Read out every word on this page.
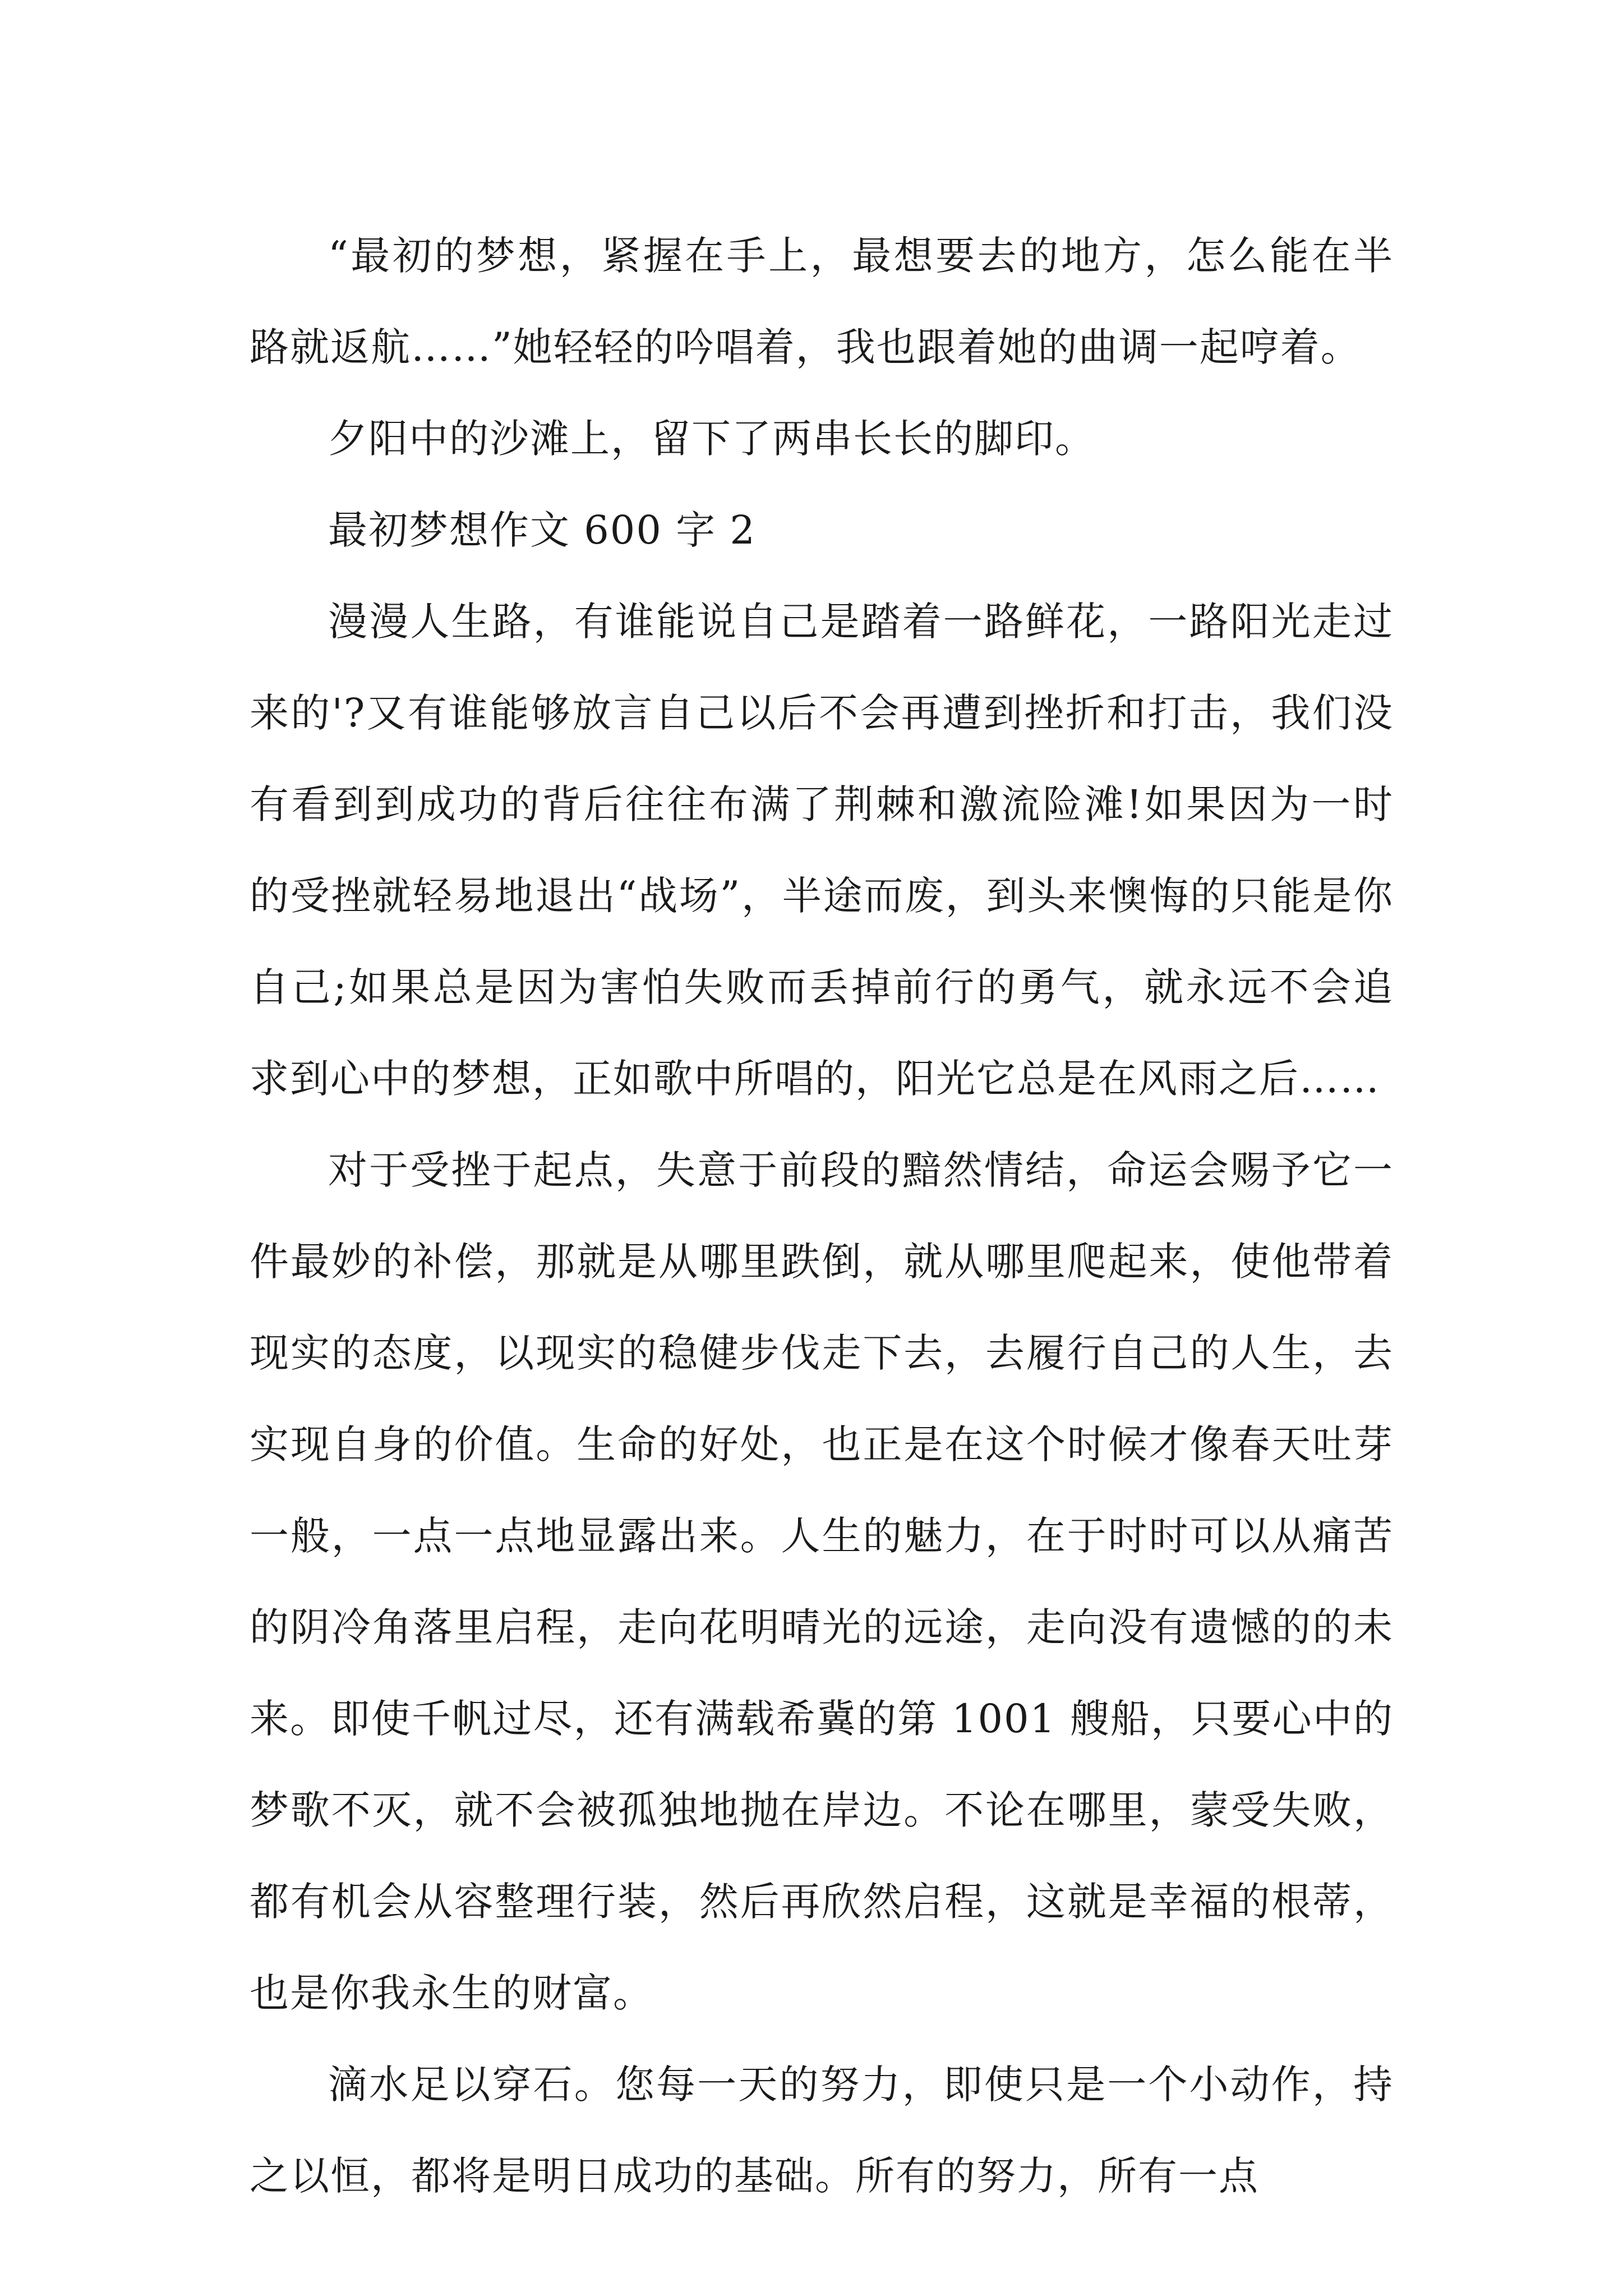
“最初的梦想，紧握在手上，最想要去的地方，怎么能在半路就返航……”她轻轻的吟唱着，我也跟着她的曲调一起哼着。

夕阳中的沙滩上，留下了两串长长的脚印。

最初梦想作文 600 字 2

漫漫人生路，有谁能说自己是踏着一路鲜花，一路阳光走过来的'?又有谁能够放言自己以后不会再遭到挫折和打击，我们没有看到到成功的背后往往布满了荆棘和激流险滩!如果因为一时的受挫就轻易地退出“战场”，半途而废，到头来懊悔的只能是你自己;如果总是因为害怕失败而丢掉前行的勇气，就永远不会追求到心中的梦想，正如歌中所唱的，阳光它总是在风雨之后……

对于受挫于起点，失意于前段的黯然情结，命运会赐予它一件最妙的补偿，那就是从哪里跌倒，就从哪里爬起来，使他带着现实的态度，以现实的稳健步伐走下去，去履行自己的人生，去实现自身的价值。生命的好处，也正是在这个时候才像春天吐芽一般，一点一点地显露出来。人生的魅力，在于时时可以从痛苦的阴冷角落里启程，走向花明晴光的远途，走向没有遗憾的的未来。即使千帆过尽，还有满载希冀的第 1001 艘船，只要心中的梦歌不灭，就不会被孤独地抛在岸边。不论在哪里，蒙受失败，都有机会从容整理行装，然后再欣然启程，这就是幸福的根蒂，也是你我永生的财富。

滴水足以穿石。您每一天的努力，即使只是一个小动作，持之以恒，都将是明日成功的基础。所有的努力，所有一点
